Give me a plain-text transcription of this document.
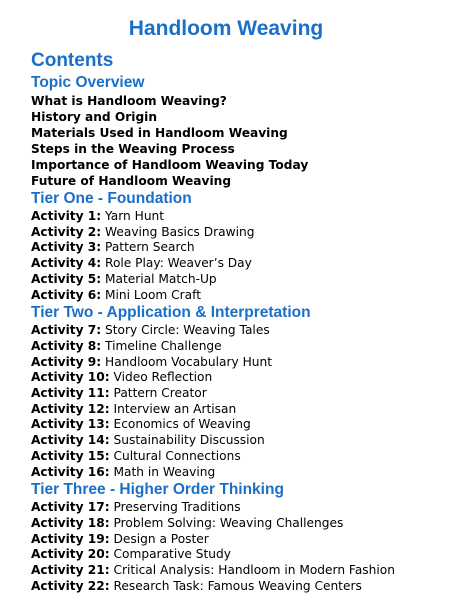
Handloom Weaving
Contents
Topic Overview

What is Handloom Weaving?

History and Origin

Materials Used in Handloom Weaving

Steps in the Weaving Process

Importance of Handloom Weaving Today

Future of Handloom Weaving

Tier One - Foundation

Activity 1: Yarn Hunt

Activity 2: Weaving Basics Drawing

Activity 3: Pattern Search

Activity 4: Role Play: Weaver’s Day

Activity 5: Material Match-Up

Activity 6: Mini Loom Craft

Tier Two - Application & Interpretation

Activity 7: Story Circle: Weaving Tales

Activity 8: Timeline Challenge

Activity 9: Handloom Vocabulary Hunt

Activity 10: Video Reflection

Activity 11: Pattern Creator

Activity 12: Interview an Artisan

Activity 13: Economics of Weaving

Activity 14: Sustainability Discussion

Activity 15: Cultural Connections

Activity 16: Math in Weaving

Tier Three - Higher Order Thinking

Activity 17: Preserving Traditions

Activity 18: Problem Solving: Weaving Challenges

Activity 19: Design a Poster

Activity 20: Comparative Study

Activity 21: Critical Analysis: Handloom in Modern Fashion

Activity 22: Research Task: Famous Weaving Centers
